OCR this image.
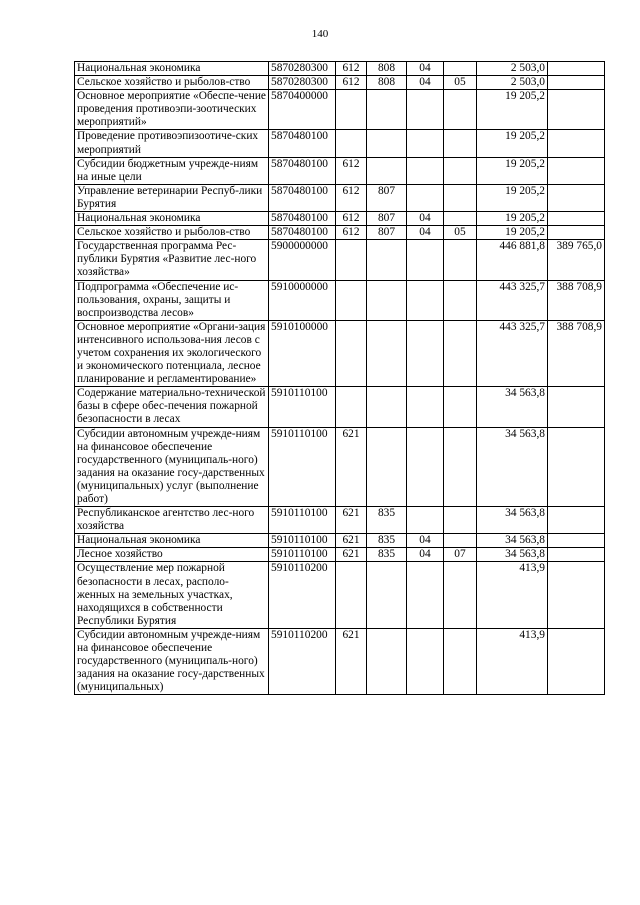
140
Национальная экономика	5870280300	612	808	04		2 503,0	
Сельское хозяйство и рыболов-ство	5870280300	612	808	04	05	2 503,0	
Основное мероприятие «Обеспе-чение проведения противоэпи-зоотических мероприятий»	5870400000					19 205,2	
Проведение противоэпизоотиче-ских мероприятий	5870480100					19 205,2	
Субсидии бюджетным учрежде-ниям на иные цели	5870480100	612				19 205,2	
Управление ветеринарии Респуб-лики Бурятия	5870480100	612	807			19 205,2	
Национальная экономика	5870480100	612	807	04		19 205,2	
Сельское хозяйство и рыболов-ство	5870480100	612	807	04	05	19 205,2	
Государственная программа Рес-публики Бурятия «Развитие лес-ного хозяйства»	5900000000					446 881,8	389 765,0
Подпрограмма «Обеспечение ис-пользования, охраны, защиты и воспроизводства лесов»	5910000000					443 325,7	388 708,9
Основное мероприятие «Органи-зация интенсивного использова-ния лесов с учетом сохранения их экологического и экономического потенциала, лесное планирование и регламентирование»	5910100000					443 325,7	388 708,9
Содержание материально-технической базы в сфере обес-печения пожарной безопасности в лесах	5910110100					34 563,8	
Субсидии автономным учрежде-ниям на финансовое обеспечение государственного (муниципаль-ного) задания на оказание госу-дарственных (муниципальных) услуг (выполнение работ)	5910110100	621				34 563,8	
Республиканское агентство лес-ного хозяйства	5910110100	621	835			34 563,8	
Национальная экономика	5910110100	621	835	04		34 563,8	
Лесное хозяйство	5910110100	621	835	04	07	34 563,8	
Осуществление мер пожарной безопасности в лесах, располо-женных на земельных участках, находящихся в собственности Республики Бурятия	5910110200					413,9	
Субсидии автономным учрежде-ниям на финансовое обеспечение государственного (муниципаль-ного) задания на оказание госу-дарственных (муниципальных)	5910110200	621				413,9	
